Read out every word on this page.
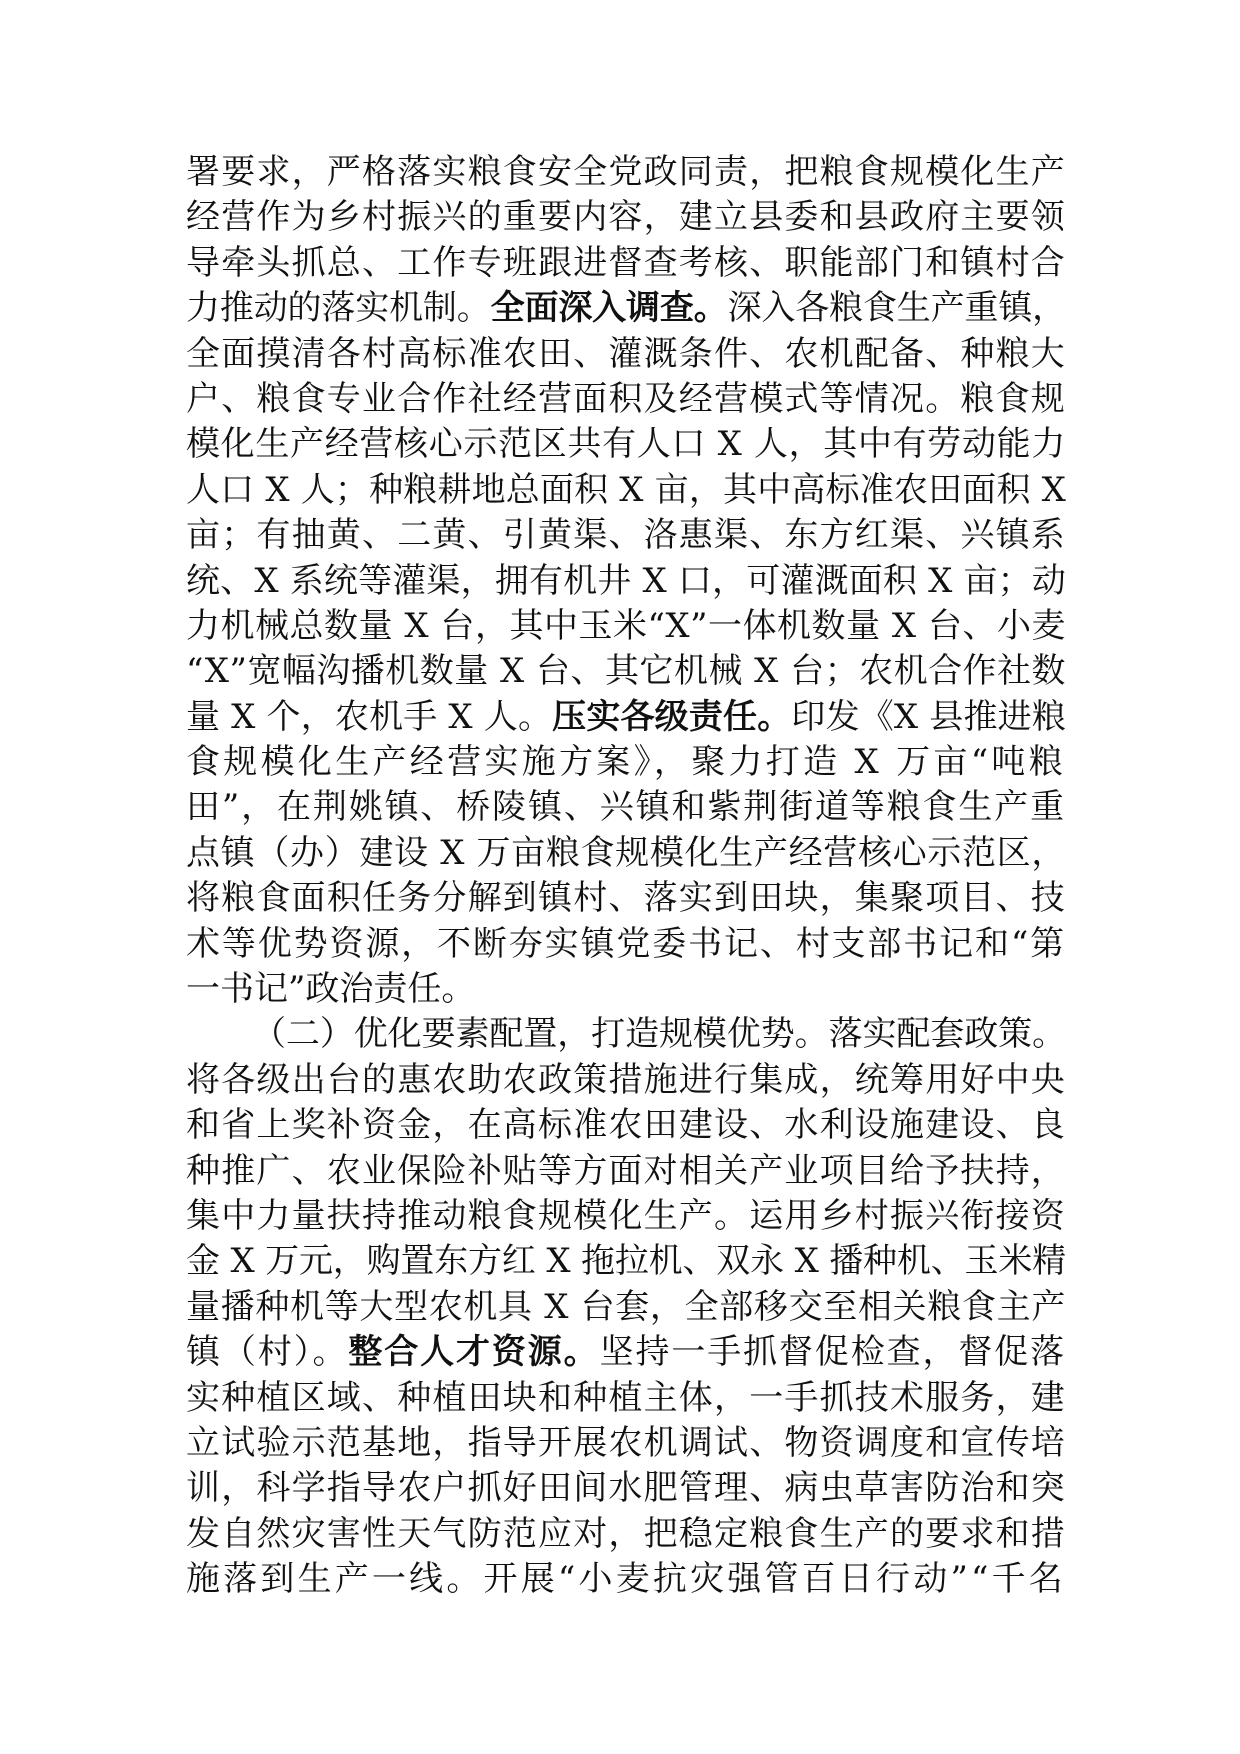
署要求，严格落实粮食安全党政同责，把粮食规模化生产
经营作为乡村振兴的重要内容，建立县委和县政府主要领
导牵头抓总、工作专班跟进督查考核、职能部门和镇村合
力推动的落实机制。全面深入调查。深入各粮食生产重镇，
全面摸清各村高标准农田、灌溉条件、农机配备、种粮大
户、粮食专业合作社经营面积及经营模式等情况。粮食规
模化生产经营核心示范区共有人口 X 人，其中有劳动能力
人口 X 人；种粮耕地总面积 X 亩，其中高标准农田面积 X
亩；有抽黄、二黄、引黄渠、洛惠渠、东方红渠、兴镇系
统、X 系统等灌渠，拥有机井 X 口，可灌溉面积 X 亩；动
力机械总数量 X 台，其中玉米“X”一体机数量 X 台、小麦
“X”宽幅沟播机数量 X 台、其它机械 X 台；农机合作社数
量 X 个，农机手 X 人。压实各级责任。印发《X 县推进粮
食规模化生产经营实施方案》，聚力打造 X 万亩“吨粮
田”，在荆姚镇、桥陵镇、兴镇和紫荆街道等粮食生产重
点镇（办）建设 X 万亩粮食规模化生产经营核心示范区，
将粮食面积任务分解到镇村、落实到田块，集聚项目、技
术等优势资源，不断夯实镇党委书记、村支部书记和“第
一书记”政治责任。
（二）优化要素配置，打造规模优势。落实配套政策。
将各级出台的惠农助农政策措施进行集成，统筹用好中央
和省上奖补资金，在高标准农田建设、水利设施建设、良
种推广、农业保险补贴等方面对相关产业项目给予扶持，
集中力量扶持推动粮食规模化生产。运用乡村振兴衔接资
金 X 万元，购置东方红 X 拖拉机、双永 X 播种机、玉米精
量播种机等大型农机具 X 台套，全部移交至相关粮食主产
镇（村）。整合人才资源。坚持一手抓督促检查，督促落
实种植区域、种植田块和种植主体，一手抓技术服务，建
立试验示范基地，指导开展农机调试、物资调度和宣传培
训，科学指导农户抓好田间水肥管理、病虫草害防治和突
发自然灾害性天气防范应对，把稳定粮食生产的要求和措
施落到生产一线。开展“小麦抗灾强管百日行动”“千名
